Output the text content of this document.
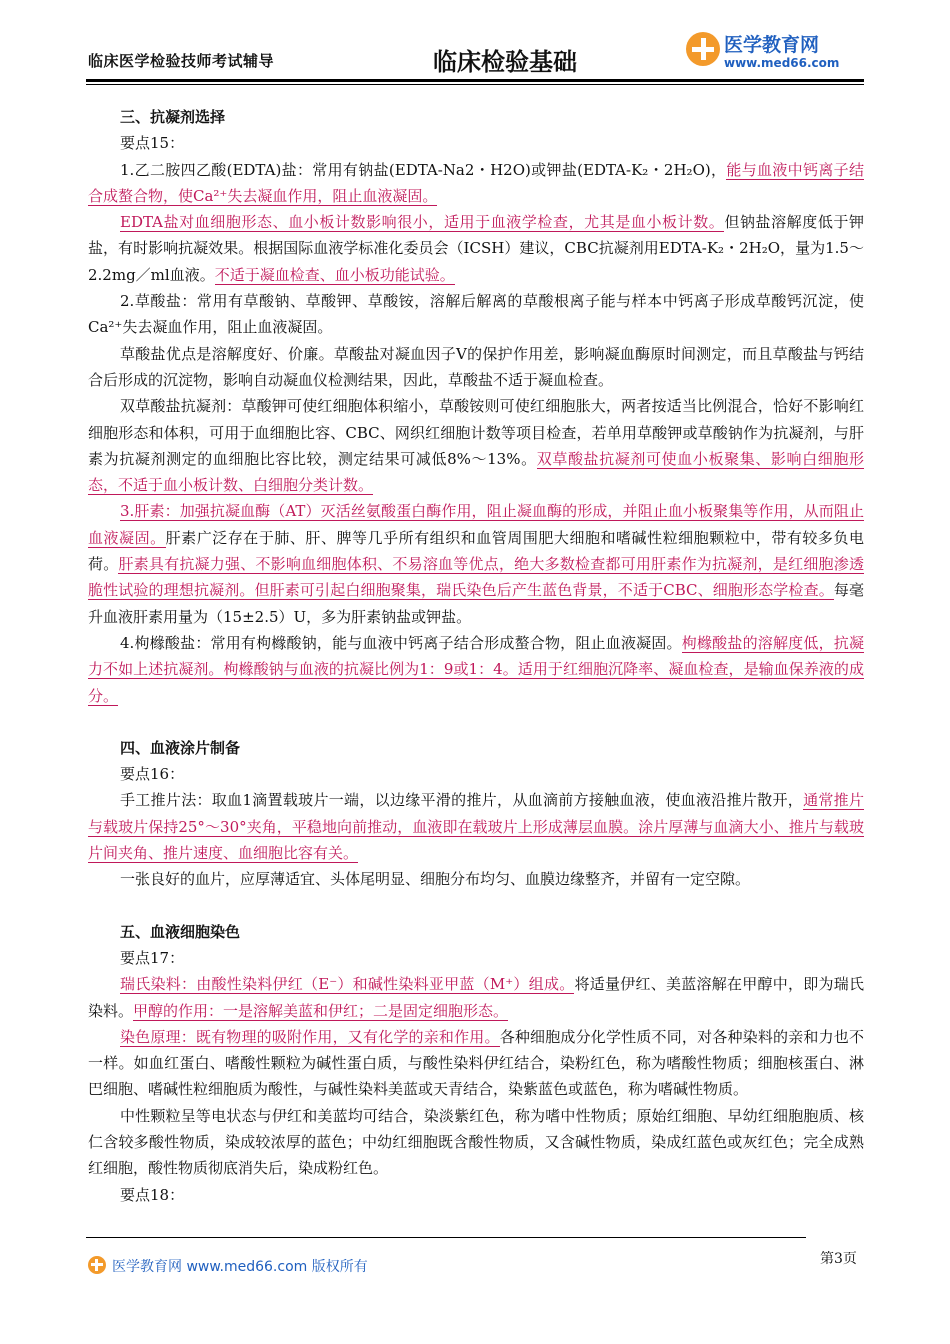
临床医学检验技师考试辅导	临床检验基础
医学教育网
www.med66.com

三、抗凝剂选择

要点15：

1.乙二胺四乙酸(EDTA)盐：常用有钠盐(EDTA-Na2・H2O)或钾盐(EDTA-K₂・2H₂O)，能与血液中钙离子结合成螯合物，使Ca²⁺失去凝血作用，阻止血液凝固。

EDTA盐对血细胞形态、血小板计数影响很小，适用于血液学检查，尤其是血小板计数。但钠盐溶解度低于钾盐，有时影响抗凝效果。根据国际血液学标准化委员会（ICSH）建议，CBC抗凝剂用EDTA-K₂・2H₂O，量为1.5～2.2mg／ml血液。不适于凝血检查、血小板功能试验。

2.草酸盐：常用有草酸钠、草酸钾、草酸铵，溶解后解离的草酸根离子能与样本中钙离子形成草酸钙沉淀，使Ca²⁺失去凝血作用，阻止血液凝固。

草酸盐优点是溶解度好、价廉。草酸盐对凝血因子V的保护作用差，影响凝血酶原时间测定，而且草酸盐与钙结合后形成的沉淀物，影响自动凝血仪检测结果，因此，草酸盐不适于凝血检查。

双草酸盐抗凝剂：草酸钾可使红细胞体积缩小，草酸铵则可使红细胞胀大，两者按适当比例混合，恰好不影响红细胞形态和体积，可用于血细胞比容、CBC、网织红细胞计数等项目检查，若单用草酸钾或草酸钠作为抗凝剂，与肝素为抗凝剂测定的血细胞比容比较，测定结果可减低8%～13%。双草酸盐抗凝剂可使血小板聚集、影响白细胞形态，不适于血小板计数、白细胞分类计数。

3.肝素：加强抗凝血酶（AT）灭活丝氨酸蛋白酶作用，阻止凝血酶的形成，并阻止血小板聚集等作用，从而阻止血液凝固。肝素广泛存在于肺、肝、脾等几乎所有组织和血管周围肥大细胞和嗜碱性粒细胞颗粒中，带有较多负电荷。肝素具有抗凝力强、不影响血细胞体积、不易溶血等优点，绝大多数检查都可用肝素作为抗凝剂，是红细胞渗透脆性试验的理想抗凝剂。但肝素可引起白细胞聚集，瑞氏染色后产生蓝色背景，不适于CBC、细胞形态学检查。每毫升血液肝素用量为（15±2.5）U，多为肝素钠盐或钾盐。

4.枸橼酸盐：常用有枸橼酸钠，能与血液中钙离子结合形成螯合物，阻止血液凝固。枸橼酸盐的溶解度低，抗凝力不如上述抗凝剂。枸橼酸钠与血液的抗凝比例为1：9或1：4。适用于红细胞沉降率、凝血检查，是输血保养液的成分。

四、血液涂片制备

要点16：

手工推片法：取血1滴置载玻片一端，以边缘平滑的推片，从血滴前方接触血液，使血液沿推片散开，通常推片与载玻片保持25°～30°夹角，平稳地向前推动，血液即在载玻片上形成薄层血膜。涂片厚薄与血滴大小、推片与载玻片间夹角、推片速度、血细胞比容有关。

一张良好的血片，应厚薄适宜、头体尾明显、细胞分布均匀、血膜边缘整齐，并留有一定空隙。

五、血液细胞染色

要点17：

瑞氏染料：由酸性染料伊红（E⁻）和碱性染料亚甲蓝（M⁺）组成。将适量伊红、美蓝溶解在甲醇中，即为瑞氏染料。甲醇的作用：一是溶解美蓝和伊红；二是固定细胞形态。

染色原理：既有物理的吸附作用，又有化学的亲和作用。各种细胞成分化学性质不同，对各种染料的亲和力也不一样。如血红蛋白、嗜酸性颗粒为碱性蛋白质，与酸性染料伊红结合，染粉红色，称为嗜酸性物质；细胞核蛋白、淋巴细胞、嗜碱性粒细胞质为酸性，与碱性染料美蓝或天青结合，染紫蓝色或蓝色，称为嗜碱性物质。

中性颗粒呈等电状态与伊红和美蓝均可结合，染淡紫红色，称为嗜中性物质；原始红细胞、早幼红细胞胞质、核仁含较多酸性物质，染成较浓厚的蓝色；中幼红细胞既含酸性物质，又含碱性物质，染成红蓝色或灰红色；完全成熟红细胞，酸性物质彻底消失后，染成粉红色。

要点18：

医学教育网 www.med66.com 版权所有	第3页
